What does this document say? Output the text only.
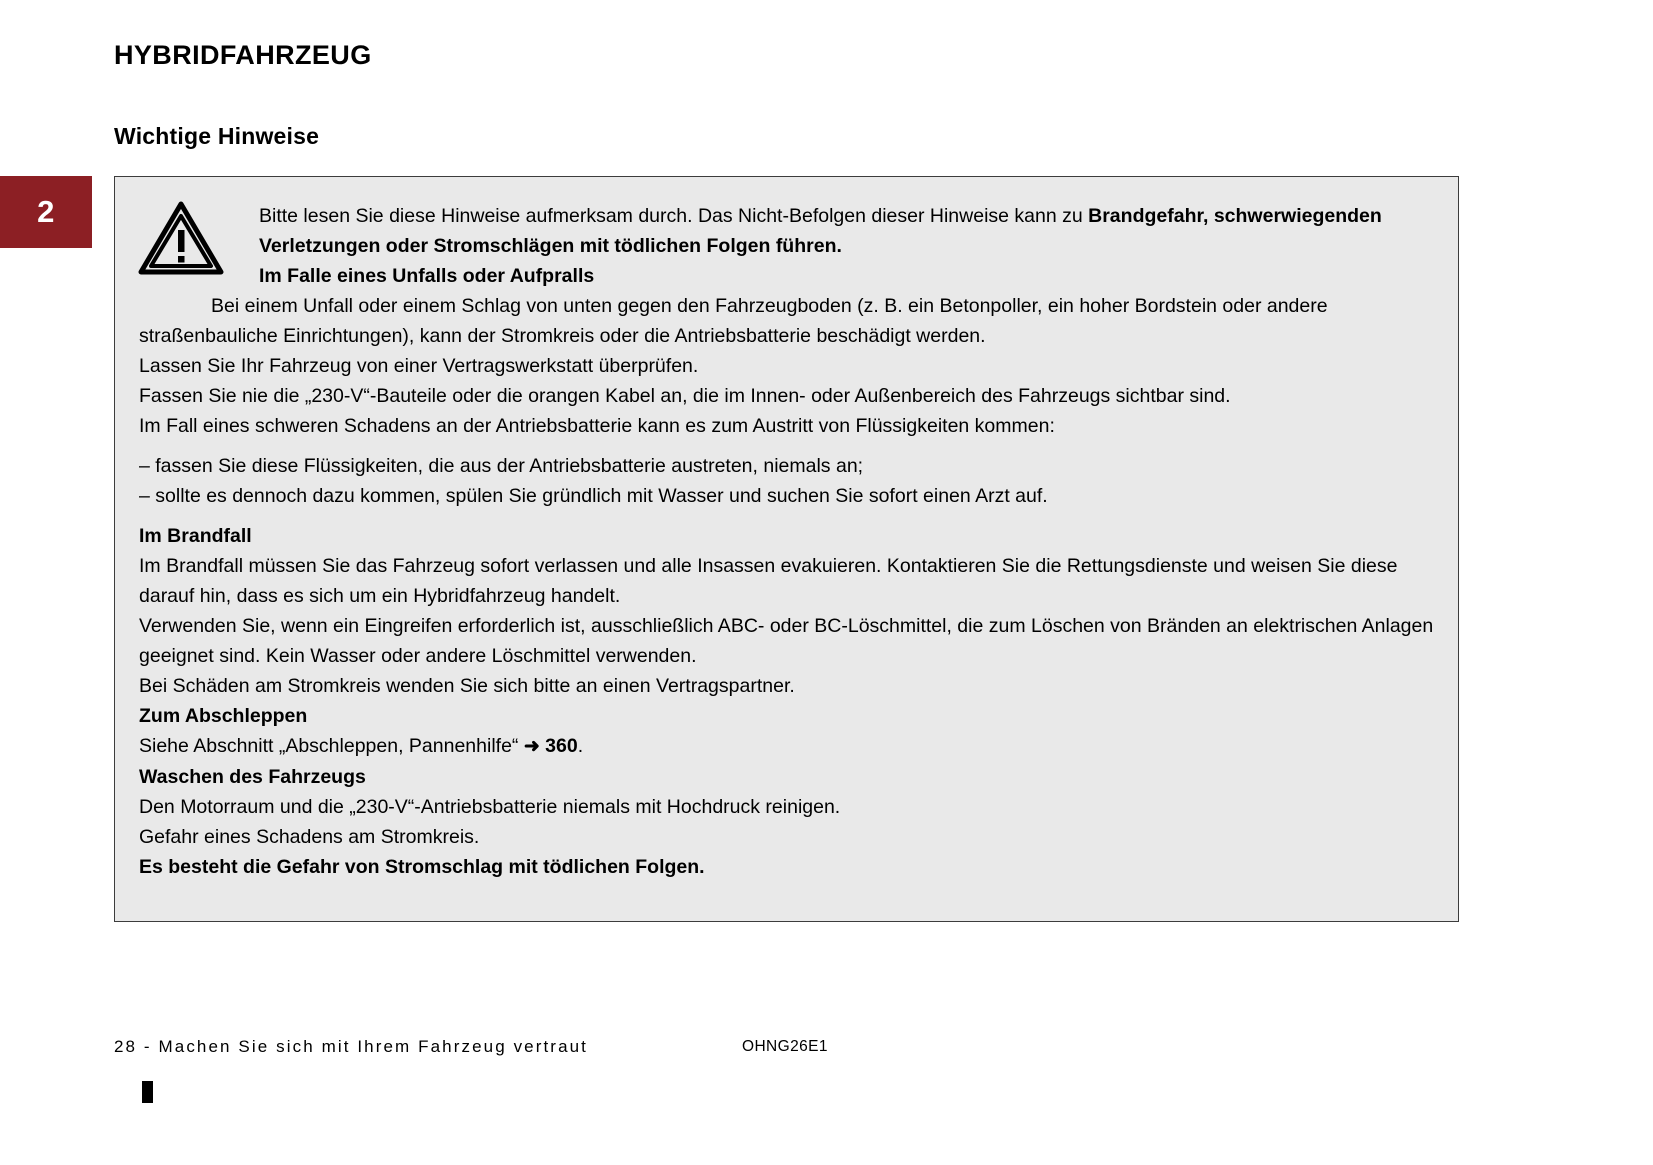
2
HYBRIDFAHRZEUG
Wichtige Hinweise
Bitte lesen Sie diese Hinweise aufmerksam durch. Das Nicht-Befolgen dieser Hinweise kann zu Brandgefahr, schwerwiegenden Verletzungen oder Stromschlägen mit tödlichen Folgen führen.
Im Falle eines Unfalls oder Aufpralls

Bei einem Unfall oder einem Schlag von unten gegen den Fahrzeugboden (z. B. ein Betonpoller, ein hoher Bordstein oder andere straßenbauliche Einrichtungen), kann der Stromkreis oder die Antriebsbatterie beschädigt werden.

Lassen Sie Ihr Fahrzeug von einer Vertragswerkstatt überprüfen.

Fassen Sie nie die „230-V“-Bauteile oder die orangen Kabel an, die im Innen- oder Außenbereich des Fahrzeugs sichtbar sind.

Im Fall eines schweren Schadens an der Antriebsbatterie kann es zum Austritt von Flüssigkeiten kommen:

– fassen Sie diese Flüssigkeiten, die aus der Antriebsbatterie austreten, niemals an;

– sollte es dennoch dazu kommen, spülen Sie gründlich mit Wasser und suchen Sie sofort einen Arzt auf.

Im Brandfall

Im Brandfall müssen Sie das Fahrzeug sofort verlassen und alle Insassen evakuieren. Kontaktieren Sie die Rettungsdienste und weisen Sie diese darauf hin, dass es sich um ein Hybridfahrzeug handelt.

Verwenden Sie, wenn ein Eingreifen erforderlich ist, ausschließlich ABC- oder BC-Löschmittel, die zum Löschen von Bränden an elektrischen Anlagen geeignet sind. Kein Wasser oder andere Löschmittel verwenden.

Bei Schäden am Stromkreis wenden Sie sich bitte an einen Vertragspartner.

Zum Abschleppen

Siehe Abschnitt „Abschleppen, Pannenhilfe“ ➜ 360.

Waschen des Fahrzeugs

Den Motorraum und die „230-V“-Antriebsbatterie niemals mit Hochdruck reinigen.

Gefahr eines Schadens am Stromkreis.

Es besteht die Gefahr von Stromschlag mit tödlichen Folgen.

28 - Machen Sie sich mit Ihrem Fahrzeug vertraut	OHNG26E1
